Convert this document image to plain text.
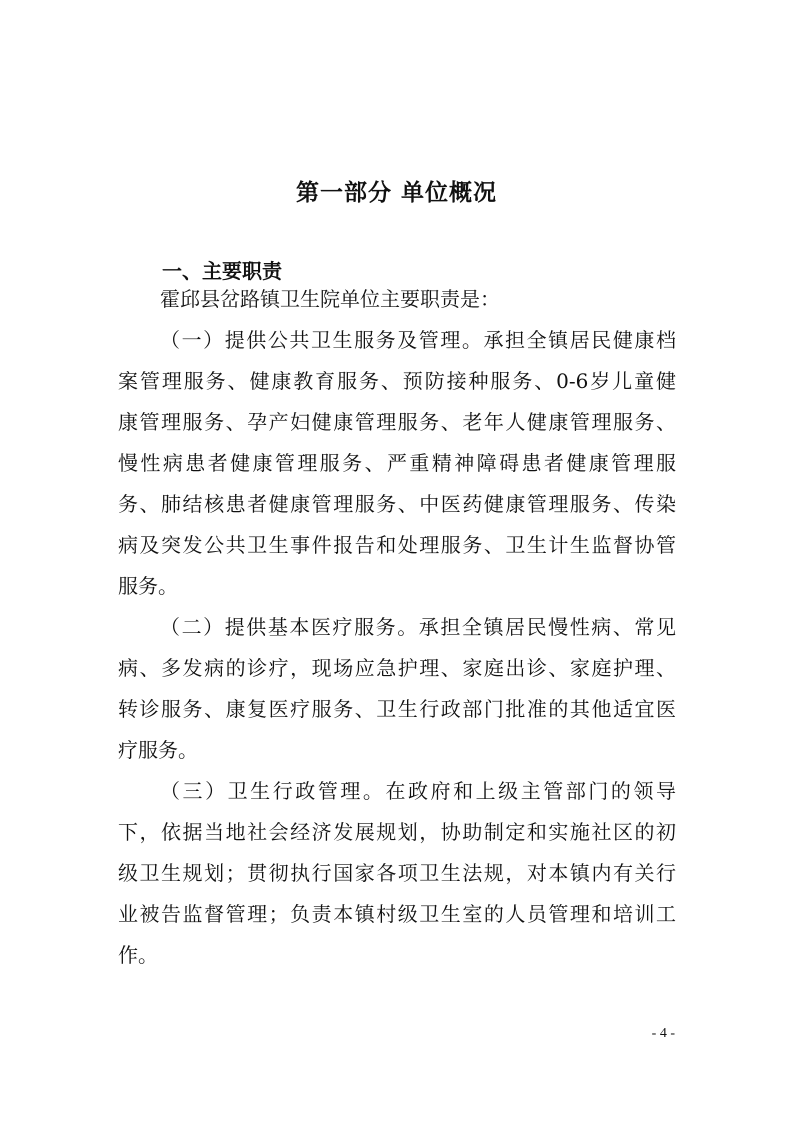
第一部分 单位概况
一、主要职责
霍邱县岔路镇卫生院单位主要职责是：
（一）提供公共卫生服务及管理。承担全镇居民健康档
案管理服务、健康教育服务、预防接种服务、0-6岁儿童健
康管理服务、孕产妇健康管理服务、老年人健康管理服务、
慢性病患者健康管理服务、严重精神障碍患者健康管理服
务、肺结核患者健康管理服务、中医药健康管理服务、传染
病及突发公共卫生事件报告和处理服务、卫生计生监督协管
服务。
（二）提供基本医疗服务。承担全镇居民慢性病、常见
病、多发病的诊疗，现场应急护理、家庭出诊、家庭护理、
转诊服务、康复医疗服务、卫生行政部门批准的其他适宜医
疗服务。
（三）卫生行政管理。在政府和上级主管部门的领导
下，依据当地社会经济发展规划，协助制定和实施社区的初
级卫生规划；贯彻执行国家各项卫生法规，对本镇内有关行
业被告监督管理；负责本镇村级卫生室的人员管理和培训工
作。
- 4 -
